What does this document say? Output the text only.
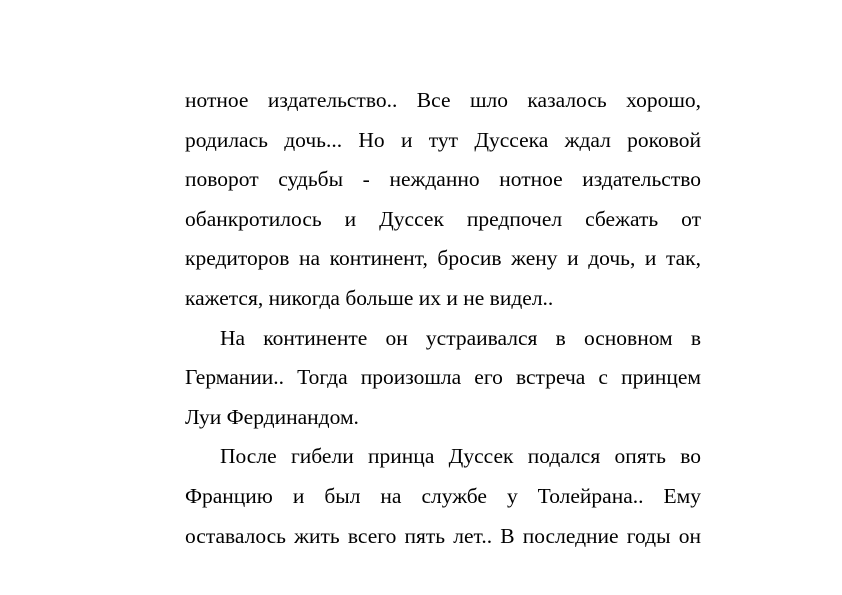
нотное издательство.. Все шло казалось хорошо,
родилась дочь... Но и тут Дуссека ждал роковой
поворот судьбы - нежданно нотное издательство
обанкротилось и Дуссек предпочел сбежать от
кредиторов на континент, бросив жену и дочь, и так,
кажется, никогда больше их и не видел..
На континенте он устраивался в основном в
Германии.. Тогда произошла его встреча с принцем
Луи Фердинандом.
После гибели принца Дуссек подался опять во
Францию и был на службе у Толейрана.. Ему
оставалось жить всего пять лет.. В последние годы он
